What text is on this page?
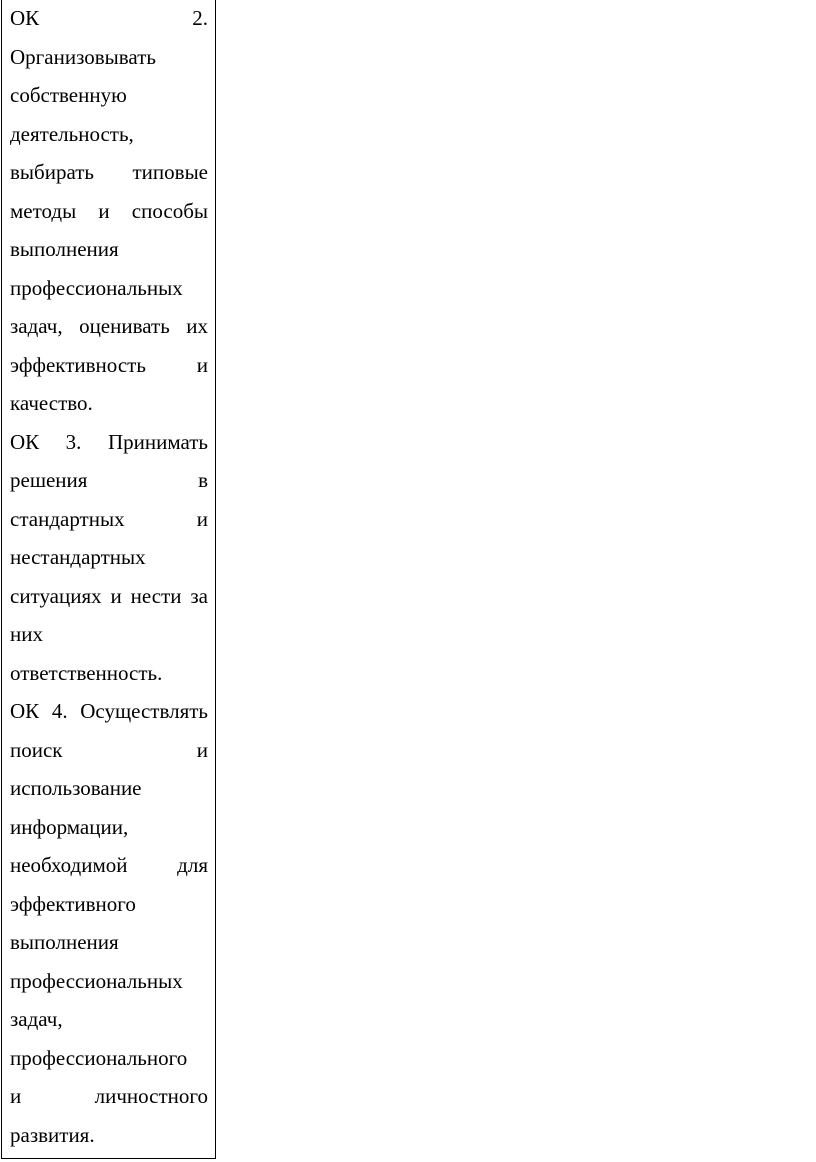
ОК 2.
Организовывать
собственную
деятельность,
выбирать типовые
методы и способы
выполнения
профессиональных
задач, оценивать их
эффективность и
качество.
ОК 3. Принимать
решения в
стандартных и
нестандартных
ситуациях и нести за
них
ответственность.
ОК 4. Осуществлять
поиск и
использование
информации,
необходимой для
эффективного
выполнения
профессиональных
задач,
профессионального
и личностного
развития.
